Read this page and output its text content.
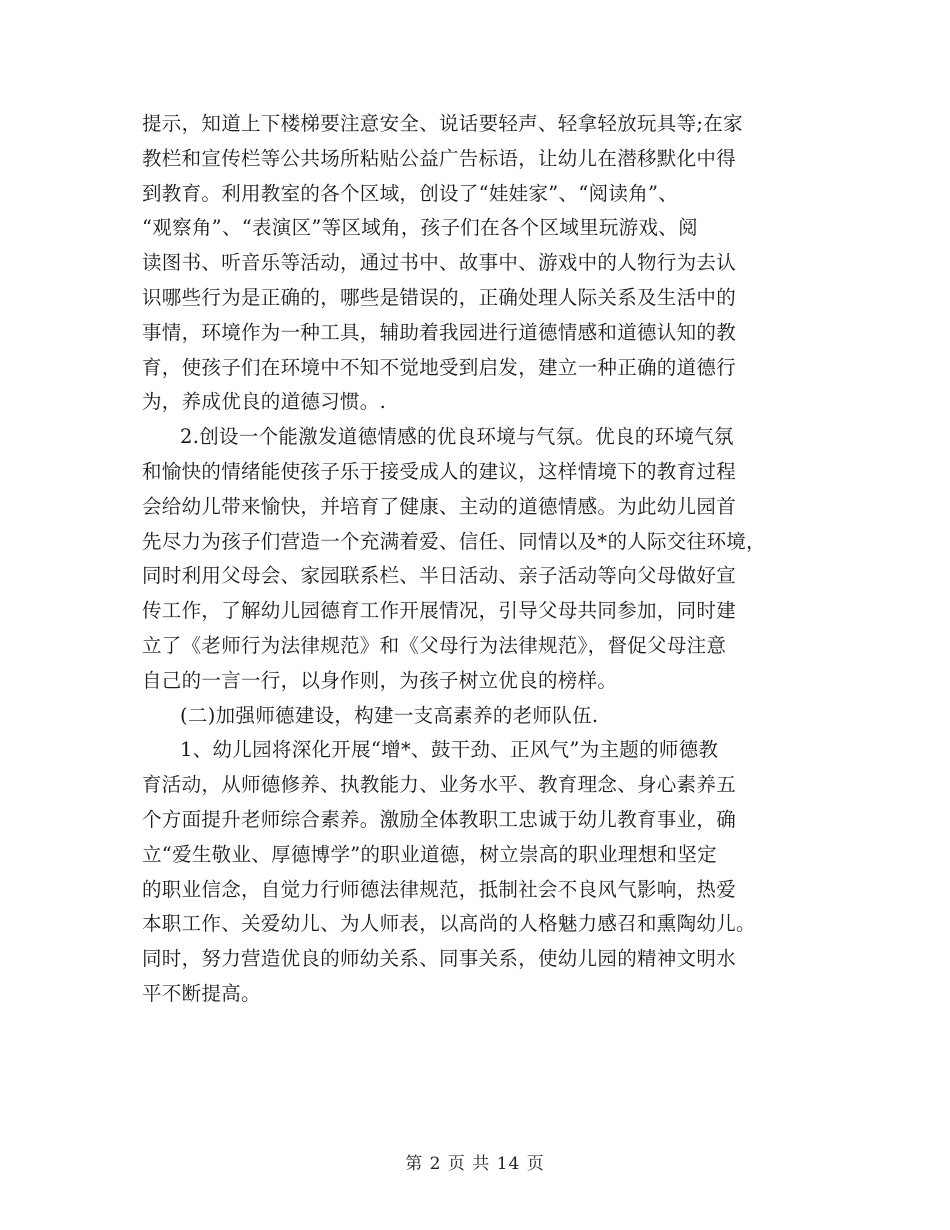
提示，知道上下楼梯要注意安全、说话要轻声、轻拿轻放玩具等;在家
教栏和宣传栏等公共场所粘贴公益广告标语，让幼儿在潜移默化中得
到教育。利用教室的各个区域，创设了“娃娃家”、“阅读角”、
“观察角”、“表演区”等区域角，孩子们在各个区域里玩游戏、阅
读图书、听音乐等活动，通过书中、故事中、游戏中的人物行为去认
识哪些行为是正确的，哪些是错误的，正确处理人际关系及生活中的
事情，环境作为一种工具，辅助着我园进行道德情感和道德认知的教
育，使孩子们在环境中不知不觉地受到启发，建立一种正确的道德行
为，养成优良的道德习惯。.
2.创设一个能激发道德情感的优良环境与气氛。优良的环境气氛
和愉快的情绪能使孩子乐于接受成人的建议，这样情境下的教育过程
会给幼儿带来愉快，并培育了健康、主动的道德情感。为此幼儿园首
先尽力为孩子们营造一个充满着爱、信任、同情以及*的人际交往环境，
同时利用父母会、家园联系栏、半日活动、亲子活动等向父母做好宣
传工作，了解幼儿园德育工作开展情况，引导父母共同参加，同时建
立了《老师行为法律规范》和《父母行为法律规范》，督促父母注意
自己的一言一行，以身作则，为孩子树立优良的榜样。
(二)加强师德建设，构建一支高素养的老师队伍.
1、幼儿园将深化开展“增*、鼓干劲、正风气”为主题的师德教
育活动，从师德修养、执教能力、业务水平、教育理念、身心素养五
个方面提升老师综合素养。激励全体教职工忠诚于幼儿教育事业，确
立“爱生敬业、厚德博学”的职业道德，树立崇高的职业理想和坚定
的职业信念，自觉力行师德法律规范，抵制社会不良风气影响，热爱
本职工作、关爱幼儿、为人师表，以高尚的人格魅力感召和熏陶幼儿。
同时，努力营造优良的师幼关系、同事关系，使幼儿园的精神文明水
平不断提高。
第 2 页 共 14 页
